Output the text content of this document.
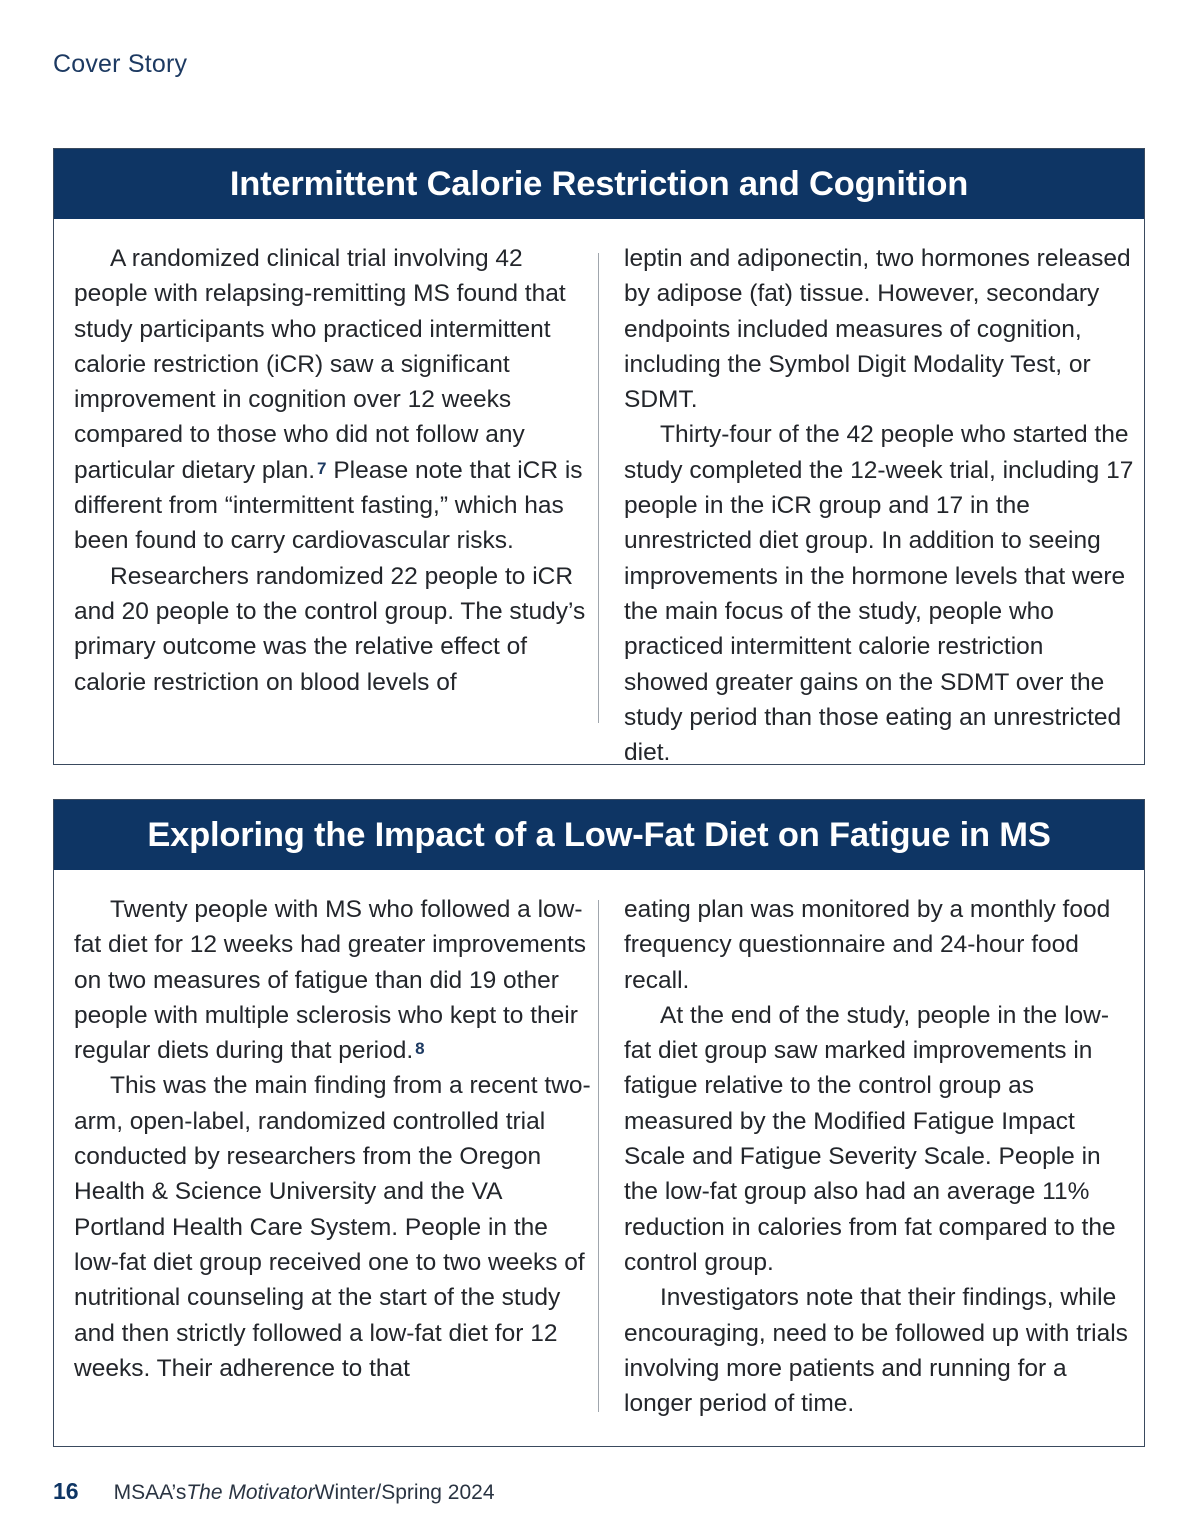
Cover Story
Intermittent Calorie Restriction and Cognition

A randomized clinical trial involving 42 people with relapsing-remitting MS found that study participants who practiced intermittent calorie restriction (iCR) saw a significant improvement in cognition over 12 weeks compared to those who did not follow any particular dietary plan. $^7$ Please note that iCR is different from “intermittent fasting,” which has been found to carry cardiovascular risks.

Researchers randomized 22 people to iCR and 20 people to the control group. The study’s primary outcome was the relative effect of calorie restriction on blood levels of

leptin and adiponectin, two hormones released by adipose (fat) tissue. However, secondary endpoints included measures of cognition, including the Symbol Digit Modality Test, or SDMT.

Thirty-four of the 42 people who started the study completed the 12-week trial, including 17 people in the iCR group and 17 in the unrestricted diet group. In addition to seeing improvements in the hormone levels that were the main focus of the study, people who practiced intermittent calorie restriction showed greater gains on the SDMT over the study period than those eating an unrestricted diet.

Exploring the Impact of a Low-Fat Diet on Fatigue in MS

Twenty people with MS who followed a low-fat diet for 12 weeks had greater improvements on two measures of fatigue than did 19 other people with multiple sclerosis who kept to their regular diets during that period. $^8$

This was the main finding from a recent two-arm, open-label, randomized controlled trial conducted by researchers from the Oregon Health & Science University and the VA Portland Health Care System. People in the low-fat diet group received one to two weeks of nutritional counseling at the start of the study and then strictly followed a low-fat diet for 12 weeks. Their adherence to that

eating plan was monitored by a monthly food frequency questionnaire and 24-hour food recall.

At the end of the study, people in the low-fat diet group saw marked improvements in fatigue relative to the control group as measured by the Modified Fatigue Impact Scale and Fatigue Severity Scale. People in the low-fat group also had an average 11% reduction in calories from fat compared to the control group.

Investigators note that their findings, while encouraging, need to be followed up with trials involving more patients and running for a longer period of time.

16 MSAA’s The Motivator Winter/Spring 2024
